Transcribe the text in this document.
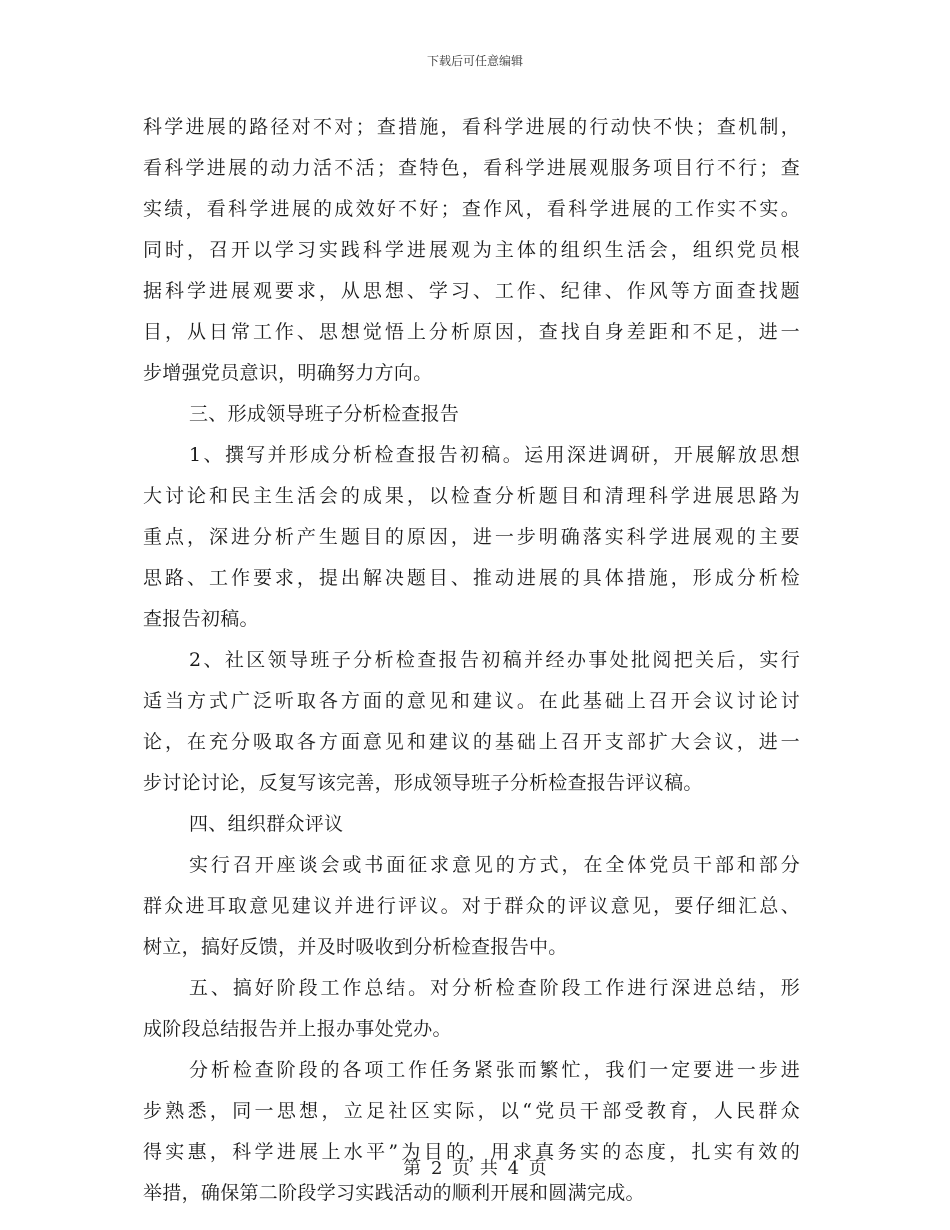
下载后可任意编辑
科学进展的路径对不对；查措施，看科学进展的行动快不快；查机制，
看科学进展的动力活不活；查特色，看科学进展观服务项目行不行；查
实绩，看科学进展的成效好不好；查作风，看科学进展的工作实不实。
同时，召开以学习实践科学进展观为主体的组织生活会，组织党员根
据科学进展观要求，从思想、学习、工作、纪律、作风等方面查找题
目，从日常工作、思想觉悟上分析原因，查找自身差距和不足，进一
步增强党员意识，明确努力方向。
三、形成领导班子分析检查报告
1、撰写并形成分析检查报告初稿。运用深进调研，开展解放思想
大讨论和民主生活会的成果，以检查分析题目和清理科学进展思路为
重点，深进分析产生题目的原因，进一步明确落实科学进展观的主要
思路、工作要求，提出解决题目、推动进展的具体措施，形成分析检
查报告初稿。
2、社区领导班子分析检查报告初稿并经办事处批阅把关后，实行
适当方式广泛听取各方面的意见和建议。在此基础上召开会议讨论讨
论，在充分吸取各方面意见和建议的基础上召开支部扩大会议，进一
步讨论讨论，反复写该完善，形成领导班子分析检查报告评议稿。
四、组织群众评议
实行召开座谈会或书面征求意见的方式，在全体党员干部和部分
群众进耳取意见建议并进行评议。对于群众的评议意见，要仔细汇总、
树立，搞好反馈，并及时吸收到分析检查报告中。
五、搞好阶段工作总结。对分析检查阶段工作进行深进总结，形
成阶段总结报告并上报办事处党办。
分析检查阶段的各项工作任务紧张而繁忙，我们一定要进一步进
步熟悉，同一思想，立足社区实际，以“党员干部受教育，人民群众
得实惠，科学进展上水平”为目的，用求真务实的态度，扎实有效的
举措，确保第二阶段学习实践活动的顺利开展和圆满完成。
第 2 页 共 4 页
